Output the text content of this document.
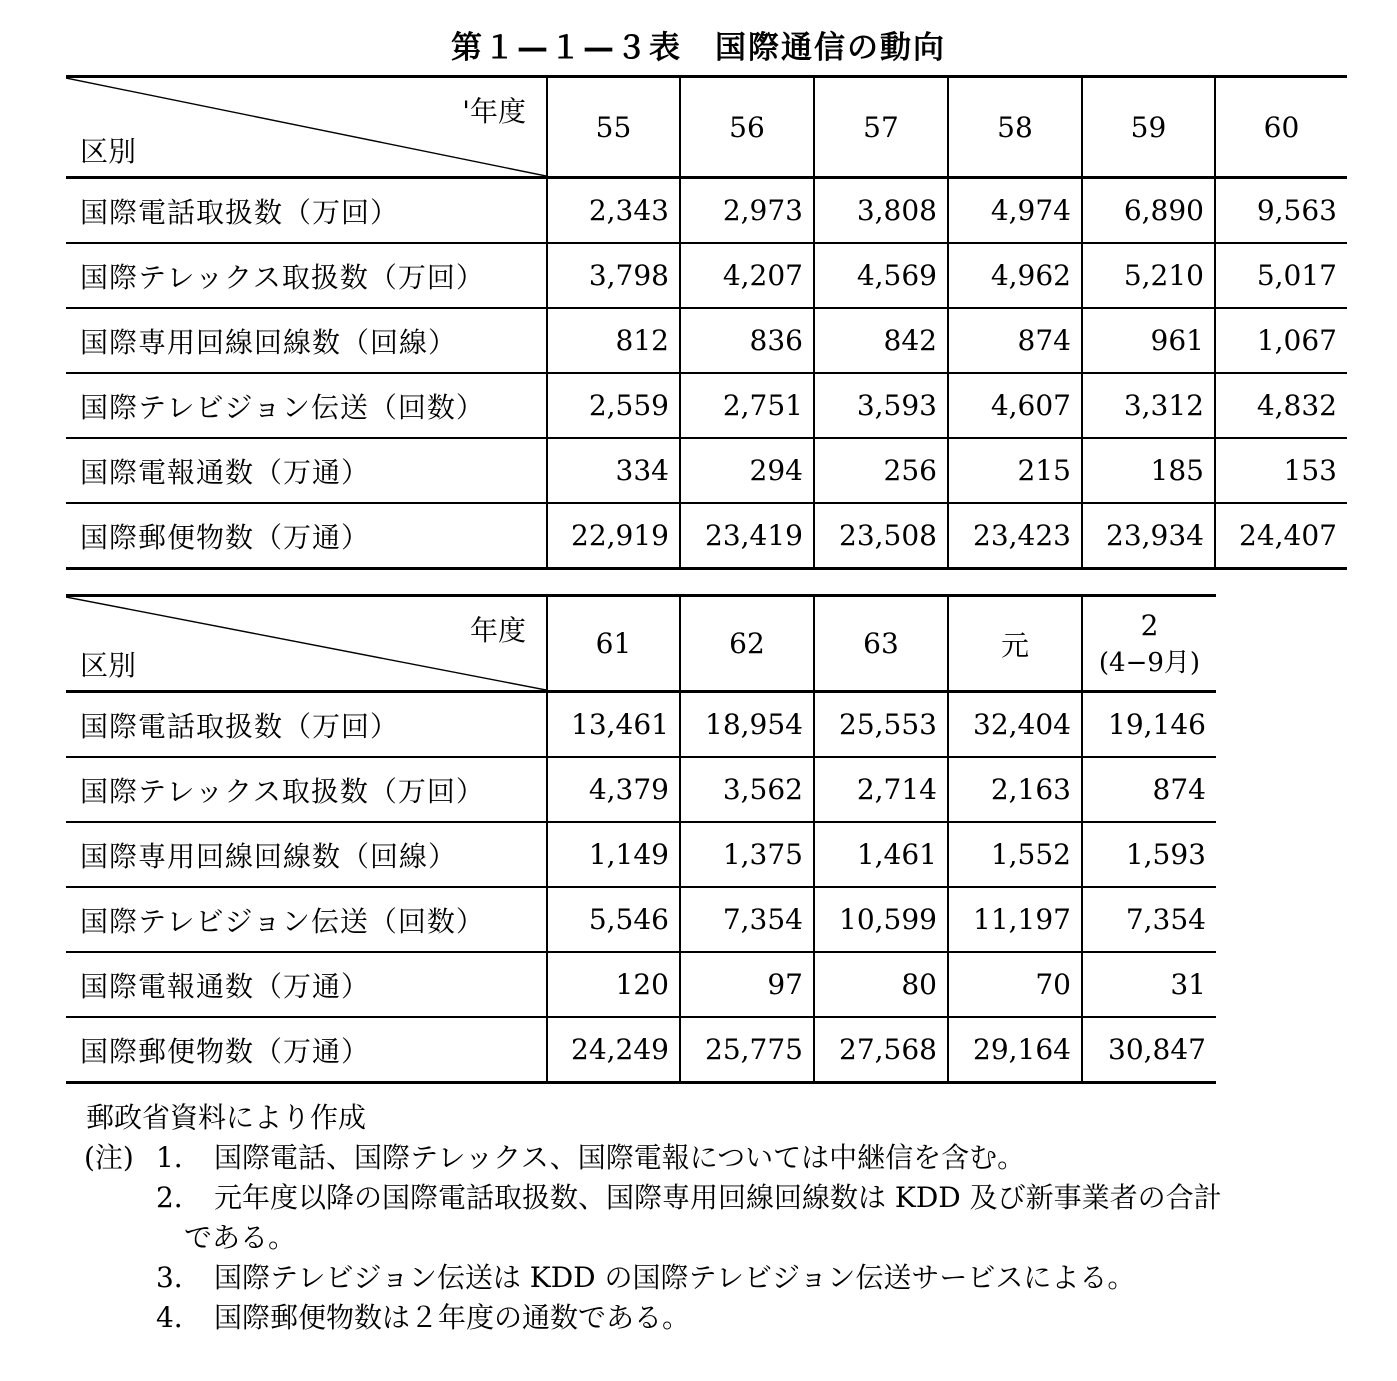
第１—１—３表　国際通信の動向
'年度
区別	55	56	57	58	59	60
国際電話取扱数（万回）	2,343	2,973	3,808	4,974	6,890	9,563
国際テレックス取扱数（万回）	3,798	4,207	4,569	4,962	5,210	5,017
国際専用回線回線数（回線）	812	836	842	874	961	1,067
国際テレビジョン伝送（回数）	2,559	2,751	3,593	4,607	3,312	4,832
国際電報通数（万通）	334	294	256	215	185	153
国際郵便物数（万通）	22,919	23,419	23,508	23,423	23,934	24,407
年度
区別	61	62	63	元	2
(4−9月)

国際電話取扱数（万回）	13,461	18,954	25,553	32,404	19,146
国際テレックス取扱数（万回）	4,379	3,562	2,714	2,163	874
国際専用回線回線数（回線）	1,149	1,375	1,461	1,552	1,593
国際テレビジョン伝送（回数）	5,546	7,354	10,599	11,197	7,354
国際電報通数（万通）	120	97	80	70	31
国際郵便物数（万通）	24,249	25,775	27,568	29,164	30,847
郵政省資料により作成
(注) 1． 国際電話、国際テレックス、国際電報については中継信を含む。
2． 元年度以降の国際電話取扱数、国際専用回線回線数は KDD 及び新事業者の合計
である。
3． 国際テレビジョン伝送は KDD の国際テレビジョン伝送サービスによる。
4． 国際郵便物数は２年度の通数である。
